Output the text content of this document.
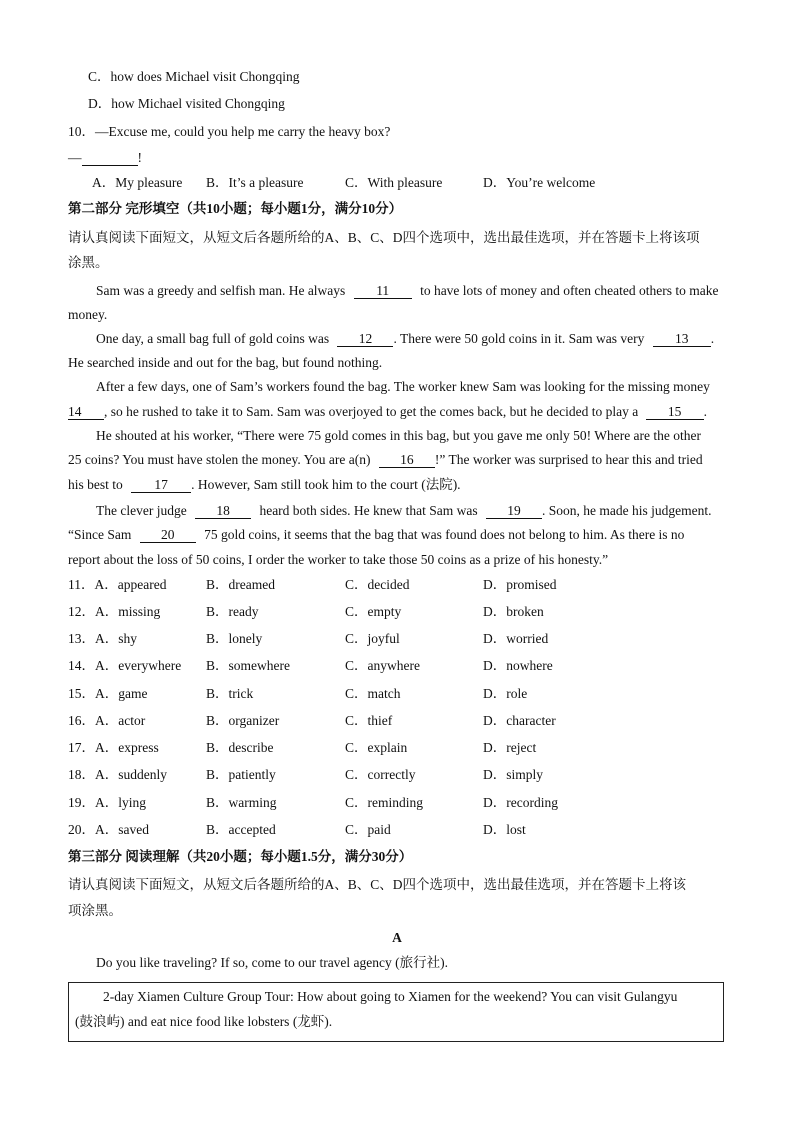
C．how does Michael visit Chongqing
D．how Michael visited Chongqing
10．—Excuse me, could you help me carry the heavy box?
—	!
A．My pleasure B．It’s a pleasure	C．With pleasure	D．You’re welcome
第二部分 完形填空（共10小题；每小题1分，满分10分）
请认真阅读下面短文，从短文后各题所给的A、B、C、D四个选项中，选出最佳选项，并在答题卡上将该项
涂黑。
Sam was a greedy and selfish man. He always 11 to have lots of money and often cheated others to make
money.
One day, a small bag full of gold coins was 12 . There were 50 gold coins in it. Sam was very 13 .
He searched inside and out for the bag, but found nothing.
After a few days, one of Sam’s workers found the bag. The worker knew Sam was looking for the missing money
14 , so he rushed to take it to Sam. Sam was overjoyed to get the comes back, but he decided to play a 15 .
He shouted at his worker, “There were 75 gold comes in this bag, but you gave me only 50! Where are the other
25 coins? You must have stolen the money. You are a(n) 16 !” The worker was surprised to hear this and tried
his best to 17 . However, Sam still took him to the court (法院).
The clever judge 18 heard both sides. He knew that Sam was 19 . Soon, he made his judgement.
“Since Sam 20 75 gold coins, it seems that the bag that was found does not belong to him. As there is no
report about the loss of 50 coins, I order the worker to take those 50 coins as a prize of his honesty.”
11．A．appeared	B．dreamed	C．decided	D．promised
12．A．missing	B．ready	C．empty	D．broken
13．A．shy	B．lonely	C．joyful	D．worried
14．A．everywhere B．somewhere	C．anywhere	D．nowhere
15．A．game	B．trick	C．match	D．role
16．A．actor	B．organizer	C．thief	D．character
17．A．express	B．describe	C．explain	D．reject
18．A．suddenly	B．patiently	C．correctly	D．simply
19．A．lying	B．warming	C．reminding	D．recording
20．A．saved	B．accepted	C．paid	D．lost
第三部分 阅读理解（共20小题；每小题1.5分，满分30分）
请认真阅读下面短文，从短文后各题所给的A、B、C、D四个选项中，选出最佳选项，并在答题卡上将该
项涂黑。
A
Do you like traveling? If so, come to our travel agency (旅行社).
2-day Xiamen Culture Group Tour: How about going to Xiamen for the weekend? You can visit Gulangyu
(鼓浪屿) and eat nice food like lobsters (龙虾).
